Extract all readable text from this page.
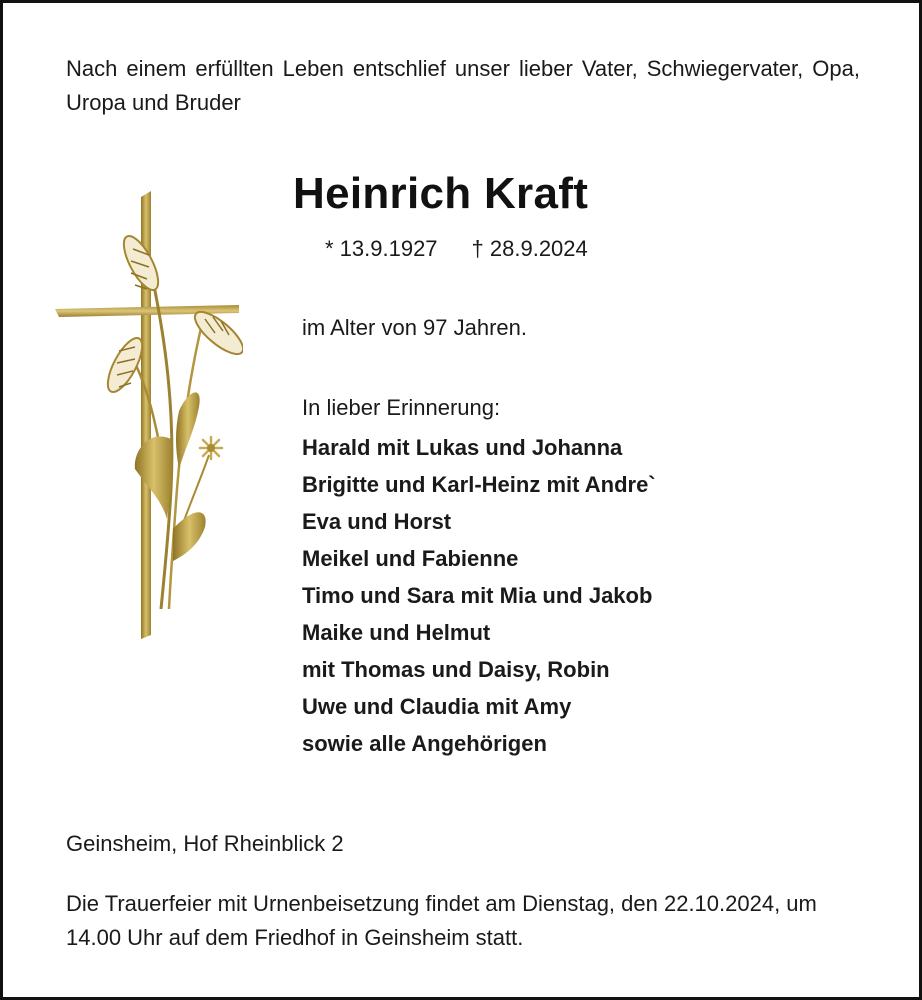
Nach einem erfüllten Leben entschlief unser lieber Vater, Schwiegervater, Opa, Uropa und Bruder

Heinrich Kraft
* 13.9.1927 † 28.9.2024

im Alter von 97 Jahren.

In lieber Erinnerung:

Harald mit Lukas und Johanna
Brigitte und Karl-Heinz mit Andre`
Eva und Horst
Meikel und Fabienne
Timo und Sara mit Mia und Jakob
Maike und Helmut
mit Thomas und Daisy, Robin
Uwe und Claudia mit Amy
sowie alle Angehörigen

Geinsheim, Hof Rheinblick 2

Die Trauerfeier mit Urnenbeisetzung findet am Dienstag, den 22.10.2024, um 14.00 Uhr auf dem Friedhof in Geinsheim statt.
